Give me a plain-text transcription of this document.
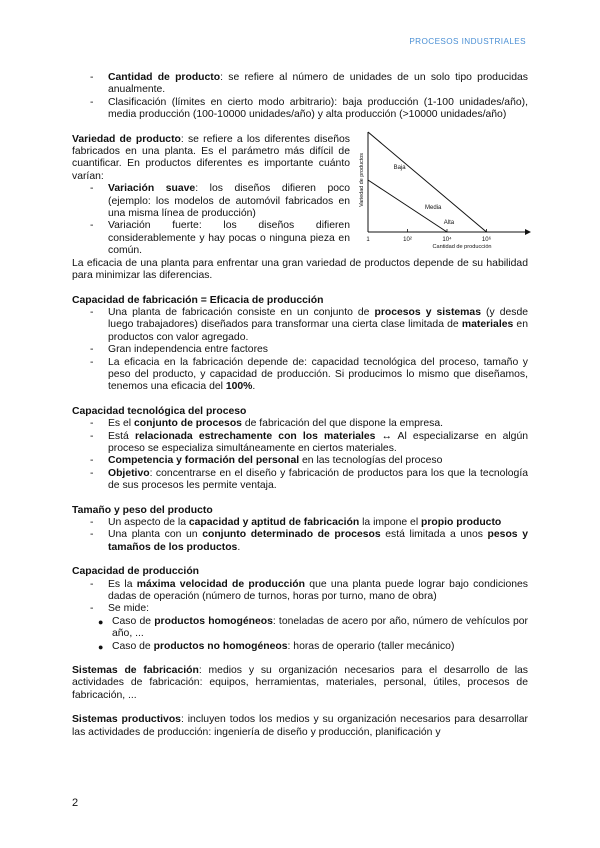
PROCESOS INDUSTRIALES
- Cantidad de producto: se refiere al número de unidades de un solo tipo producidas anualmente.
- Clasificación (límites en cierto modo arbitrario): baja producción (1-100 unidades/año), media producción (100-10000 unidades/año) y alta producción (>10000 unidades/año)

Variedad de producto: se refiere a los diferentes diseños fabricados en una planta. Es el parámetro más difícil de cuantificar. En productos diferentes es importante cuánto varían:

- Variación suave: los diseños difieren poco (ejemplo: los modelos de automóvil fabricados en una misma línea de producción)
- Variación fuerte: los diseños difieren considerablemente y hay pocas o ninguna pieza en común.
1	10²	10⁴	10⁶
Cantidad de producción
Variedad de productos	Baja
Media
Alta

La eficacia de una planta para enfrentar una gran variedad de productos depende de su habilidad para minimizar las diferencias.

Capacidad de fabricación = Eficacia de producción

- Una planta de fabricación consiste en un conjunto de procesos y sistemas (y desde luego trabajadores) diseñados para transformar una cierta clase limitada de materiales en productos con valor agregado.
- Gran independencia entre factores
- La eficacia en la fabricación depende de: capacidad tecnológica del proceso, tamaño y peso del producto, y capacidad de producción. Si producimos lo mismo que diseñamos, tenemos una eficacia del 100%.

Capacidad tecnológica del proceso

- Es el conjunto de procesos de fabricación del que dispone la empresa.
- Está relacionada estrechamente con los materiales ↔ Al especializarse en algún proceso se especializa simultáneamente en ciertos materiales.
- Competencia y formación del personal en las tecnologías del proceso
- Objetivo: concentrarse en el diseño y fabricación de productos para los que la tecnología de sus procesos les permite ventaja.

Tamaño y peso del producto

- Un aspecto de la capacidad y aptitud de fabricación la impone el propio producto
- Una planta con un conjunto determinado de procesos está limitada a unos pesos y tamaños de los productos.

Capacidad de producción

- Es la máxima velocidad de producción que una planta puede lograr bajo condiciones dadas de operación (número de turnos, horas por turno, mano de obra)
- Se mide:
● Caso de productos homogéneos: toneladas de acero por año, número de vehículos por año, ...
● Caso de productos no homogéneos: horas de operario (taller mecánico)

Sistemas de fabricación: medios y su organización necesarios para el desarrollo de las actividades de fabricación: equipos, herramientas, materiales, personal, útiles, procesos de fabricación, ...

Sistemas productivos: incluyen todos los medios y su organización necesarios para desarrollar las actividades de producción: ingeniería de diseño y producción, planificación y

2
